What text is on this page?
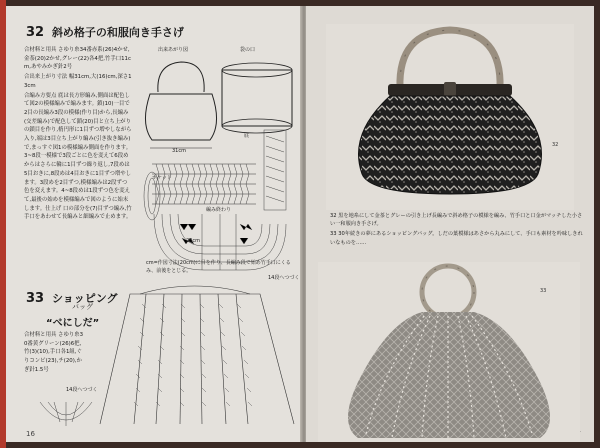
32 斜め格子の和服向き手さげ

合材料と用具 さゆり糸34番赤系(26)4かせ,金茶(20)2かせ,グレー(22)各4把,竹手口11cm,あやみかぎ針2号

合出来上がり寸法 幅31cm,大(16)cm,深さ13cm

合編み方要点 底は長方形編み,側面は配色して図2の模様編みで編みます。鎖(10)一目で2目の長編み3段の模様(作り目)から,長編み(交差編み)で配色して鎖(20)目と立ち上がりの鎖目を作り,楕円形に1目ずつ増やしながら入り,端は3目立ち上がり編み(引き抜き編み)で,まっすぐ図1の模様編み側面を作ります。3~8段一模様で3段ごとに色を変えて6段めからはさらに輪に1目ずつ繰り返し,7段めは5目おきに,8段めは4目おきに1目ずつ増やします。3段めを2目ずつ,模様編みは2段ずつ色を変えます。4~8段めは1段ずつ色を変えて,最後の始めを模様編みで図のように始末します。仕上げ 口の部分を(7)目ずつ編み,竹手口をあわせて長編みと細編みで止めます。

出来あがり図	袋の口
31cm
底
ポケット
編み終わり
20cm
cm=作図寸法(20cm)に目を作り、長編み段で始め竹手口にくるみ、前後をとじる。
14段へつづく
33 ショッピング
バッグ
“べにしだ”

合材料と用具 さゆり糸30番黄グリーン(26)6把,竹(3)(10),手口各1組,ぐりコンビ(23),チ(20),かぎ針1.5号

14段へつづく
16
32

32 黒を地糸にして金茶とグレーの引き上げ長編みで斜め格子の模様を編み、竹手口と口金がマッチした小さい一和服向き手さげ。

33 30年続きの夢にあるショッピングバッグ。しだの葉模様はあさから丸みにして、手口も素材を吟味しきれいなものを……

33
